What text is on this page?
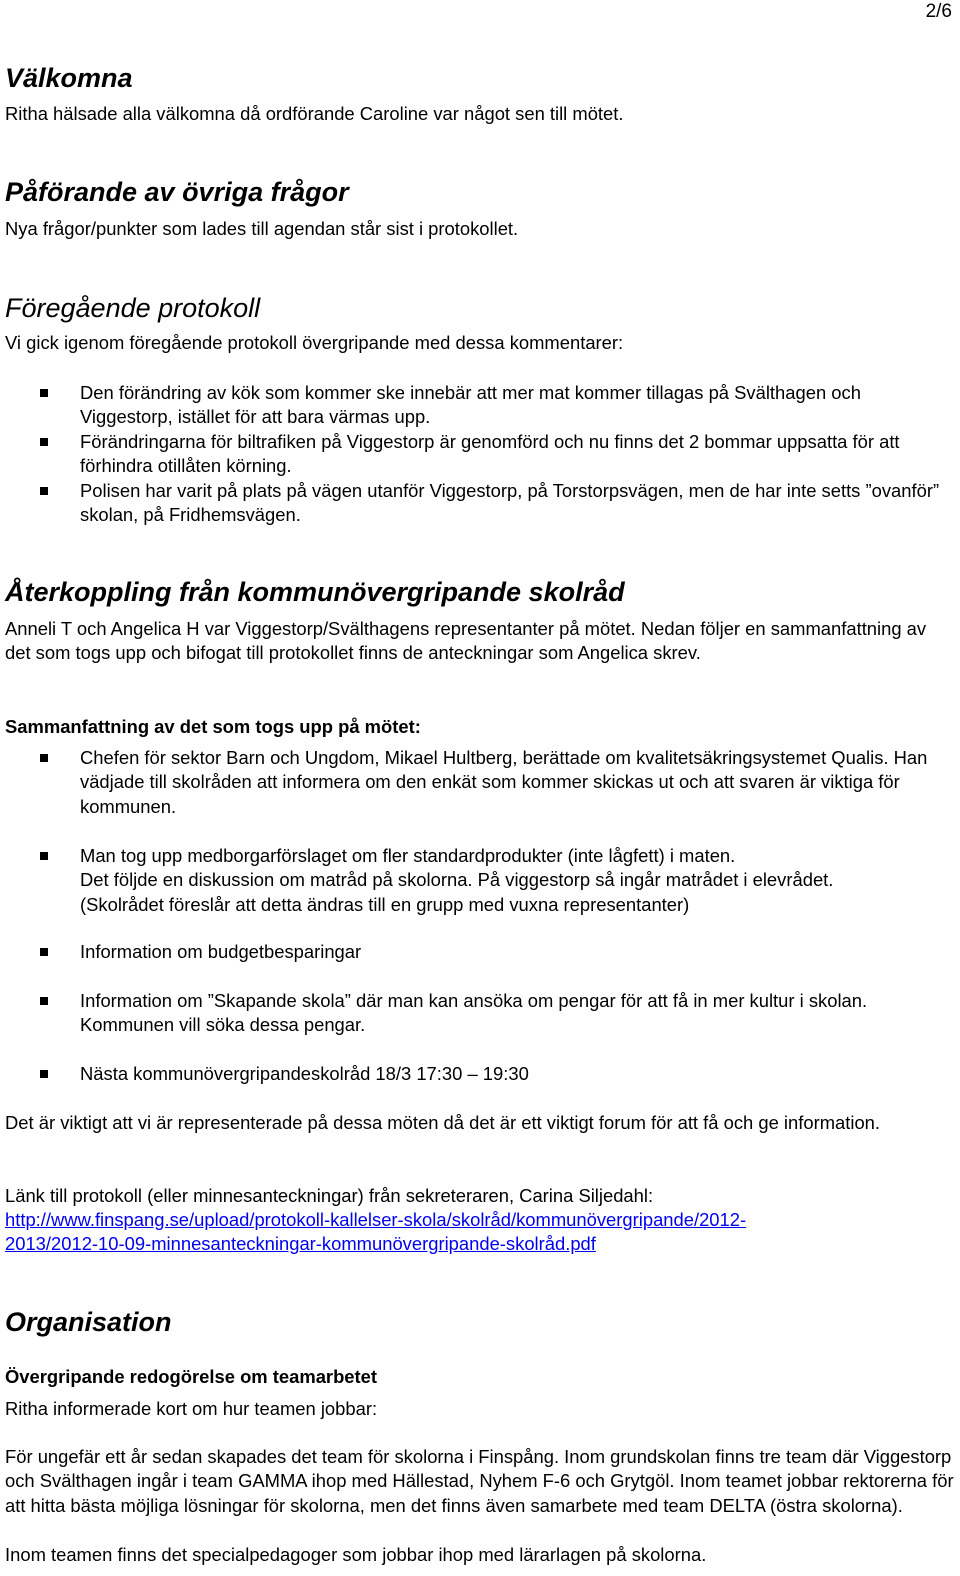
2/6
Välkomna

Ritha hälsade alla välkomna då ordförande Caroline var något sen till mötet.

Påförande av övriga frågor

Nya frågor/punkter som lades till agendan står sist i protokollet.

Föregående protokoll

Vi gick igenom föregående protokoll övergripande med dessa kommentarer:

Den förändring av kök som kommer ske innebär att mer mat kommer tillagas på Svälthagen och Viggestorp, istället för att bara värmas upp.
Förändringarna för biltrafiken på Viggestorp är genomförd och nu finns det 2 bommar uppsatta för att förhindra otillåten körning.
Polisen har varit på plats på vägen utanför Viggestorp, på Torstorpsvägen, men de har inte setts ”ovanför” skolan, på Fridhemsvägen.
Återkoppling från kommunövergripande skolråd

Anneli T och Angelica H var Viggestorp/Svälthagens representanter på mötet. Nedan följer en sammanfattning av det som togs upp och bifogat till protokollet finns de anteckningar som Angelica skrev.

Sammanfattning av det som togs upp på mötet:
Chefen för sektor Barn och Ungdom, Mikael Hultberg, berättade om kvalitetsäkringsystemet Qualis. Han vädjade till skolråden att informera om den enkät som kommer skickas ut och att svaren är viktiga för kommunen.
Man tog upp medborgarförslaget om fler standardprodukter (inte lågfett) i maten.
Det följde en diskussion om matråd på skolorna. På viggestorp så ingår matrådet i elevrådet.
(Skolrådet föreslår att detta ändras till en grupp med vuxna representanter)
Information om budgetbesparingar
Information om ”Skapande skola” där man kan ansöka om pengar för att få in mer kultur i skolan. Kommunen vill söka dessa pengar.
Nästa kommunövergripandeskolråd 18/3 17:30 – 19:30

Det är viktigt att vi är representerade på dessa möten då det är ett viktigt forum för att få och ge information.

Länk till protokoll (eller minnesanteckningar) från sekreteraren, Carina Siljedahl:

http://www.finspang.se/upload/protokoll-kallelser-skola/skolråd/kommunövergripande/2012-
2013/2012-10-09-minnesanteckningar-kommunövergripande-skolråd.pdf

Organisation
Övergripande redogörelse om teamarbetet

Ritha informerade kort om hur teamen jobbar:

För ungefär ett år sedan skapades det team för skolorna i Finspång. Inom grundskolan finns tre team där Viggestorp och Svälthagen ingår i team GAMMA ihop med Hällestad, Nyhem F-6 och Grytgöl. Inom teamet jobbar rektorerna för att hitta bästa möjliga lösningar för skolorna, men det finns även samarbete med team DELTA (östra skolorna).

Inom teamen finns det specialpedagoger som jobbar ihop med lärarlagen på skolorna.
